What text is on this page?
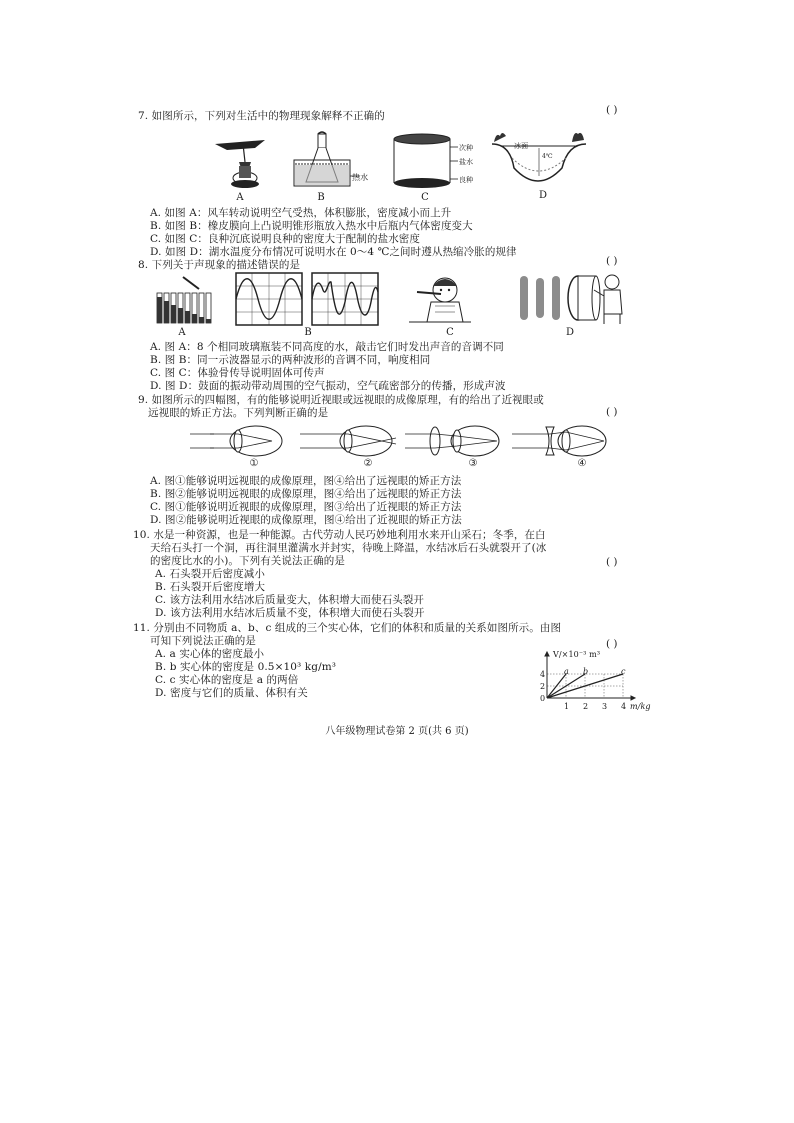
7. 如图所示，下列对生活中的物理现象解释不正确的	( )
A	B
热水
次种
盐水
良种
C
冰面
4℃
D
A. 如图 A：风车转动说明空气受热，体积膨胀，密度减小而上升
B. 如图 B：橡皮膜向上凸说明锥形瓶放入热水中后瓶内气体密度变大
C. 如图 C：良种沉底说明良种的密度大于配制的盐水密度
D. 如图 D：湖水温度分布情况可说明水在 0～4 ℃之间时遵从热缩冷胀的规律
8. 下列关于声现象的描述错误的是	( )
A	B	C	D
A. 图 A：8 个相同玻璃瓶装不同高度的水，敲击它们时发出声音的音调不同
B. 图 B：同一示波器显示的两种波形的音调不同，响度相同
C. 图 C：体验骨传导说明固体可传声
D. 图 D：鼓面的振动带动周围的空气振动，空气疏密部分的传播，形成声波
9. 如图所示的四幅图，有的能够说明近视眼或远视眼的成像原理，有的给出了近视眼或
远视眼的矫正方法。下列判断正确的是	( )
①	②	③	④
A. 图①能够说明远视眼的成像原理，图④给出了远视眼的矫正方法
B. 图②能够说明远视眼的成像原理，图④给出了远视眼的矫正方法
C. 图①能够说明近视眼的成像原理，图③给出了近视眼的矫正方法
D. 图②能够说明近视眼的成像原理，图④给出了近视眼的矫正方法
10. 水是一种资源，也是一种能源。古代劳动人民巧妙地利用水来开山采石；冬季，在白
天给石头打一个洞，再往洞里灌满水并封实，待晚上降温，水结冰后石头就裂开了(冰
的密度比水的小)。下列有关说法正确的是	( )
A. 石头裂开后密度减小
B. 石头裂开后密度增大
C. 该方法利用水结冰后质量变大，体积增大而使石头裂开
D. 该方法利用水结冰后质量不变，体积增大而使石头裂开
11. 分别由不同物质 a、b、c 组成的三个实心体，它们的体积和质量的关系如图所示。由图
可知下列说法正确的是	( )
A. a 实心体的密度最小
B. b 实心体的密度是 0.5×10³ kg/m³
C. c 实心体的密度是 a 的两倍
D. 密度与它们的质量、体积有关
V/×10⁻³ m³
a b	c
4
2
0
1 2 3 4 m/kg
八年级物理试卷第 2 页(共 6 页)
